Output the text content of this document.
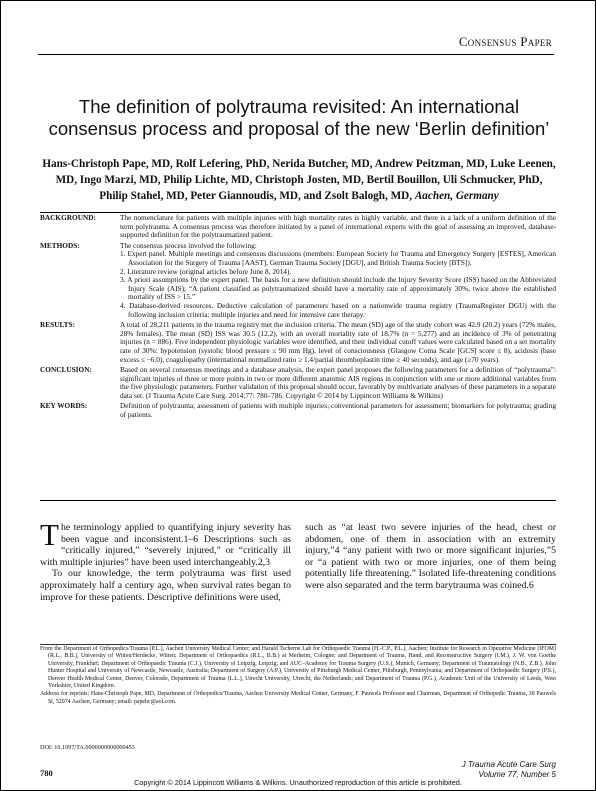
Consensus Paper
The definition of polytrauma revisited: An international consensus process and proposal of the new ‘Berlin definition’
Hans-Christoph Pape, MD, Rolf Lefering, PhD, Nerida Butcher, MD, Andrew Peitzman, MD, Luke Leenen, MD, Ingo Marzi, MD, Philip Lichte, MD, Christoph Josten, MD, Bertil Bouillon, Uli Schmucker, PhD, Philip Stahel, MD, Peter Giannoudis, MD, and Zsolt Balogh, MD, Aachen, Germany
BACKGROUND:	The nomenclature for patients with multiple injuries with high mortality rates is highly variable, and there is a lack of a uniform definition of the term polytrauma. A consensus process was therefore initiated by a panel of international experts with the goal of assessing an improved, database-supported definition for the polytraumatized patient.
METHODS:	The consensus process involved the following:

1. Expert panel. Multiple meetings and consensus discussions (members: European Society for Trauma and Emergency Surgery [ESTES], American Association for the Surgery of Trauma [AAST], German Trauma Society [DGU], and British Trauma Society [BTS]).
2. Literature review (original articles before June 8, 2014).
3. A priori assumptions by the expert panel. The basis for a new definition should include the Injury Severity Score (ISS) based on the Abbreviated Injury Scale (AIS); “A patient classified as polytraumatized should have a mortality rate of approximately 30%, twice above the established mortality of ISS > 15.”
4. Database-derived resources. Deductive calculation of parameters based on a nationwide trauma registry (TraumaRegister DGU) with the following inclusion criteria: multiple injuries and need for intensive care therapy.
RESULTS:	A total of 28,211 patients in the trauma registry met the inclusion criteria. The mean (SD) age of the study cohort was 42.9 (20.2) years (72% males, 28% females). The mean (SD) ISS was 30.5 (12.2), with an overall mortality rate of 18.7% (n = 5,277) and an incidence of 3% of penetrating injuries (n = 886). Five independent physiologic variables were identified, and their individual cutoff values were calculated based on a set mortality rate of 30%: hypotension (systolic blood pressure ≤ 90 mm Hg), level of consciousness (Glasgow Coma Scale [GCS] score ≤ 8), acidosis (base excess ≤ −6.0), coagulopathy (international normalized ratio ≥ 1.4/partial thromboplastin time ≥ 40 seconds), and age (≥70 years).
CONCLUSION:	Based on several consensus meetings and a database analysis, the expert panel proposes the following parameters for a definition of “polytrauma”: significant injuries of three or more points in two or more different anatomic AIS regions in conjunction with one or more additional variables from the five physiologic parameters. Further validation of this proposal should occur, favorably by multivariate analyses of these parameters in a separate data set. (J Trauma Acute Care Surg. 2014;77: 780–786. Copyright © 2014 by Lippincott Williams & Wilkins)
KEY WORDS:	Definition of polytrauma; assessment of patients with multiple injuries; conventional parameters for assessment; biomarkers for polytrauma; grading of patients.

The terminology applied to quantifying injury severity has been vague and inconsistent.1–6 Descriptions such as “critically injured,” “severely injured,” or “critically ill with multiple injuries” have been used interchangeably.2,3

To our knowledge, the term polytrauma was first used approximately half a century ago, when survival rates began to improve for these patients. Descriptive definitions were used,

such as “at least two severe injuries of the head, chest or abdomen, one of them in association with an extremity injury,”4 “any patient with two or more significant injuries,”5 or “a patient with two or more injuries, one of them being potentially life threatening.” Isolated life-threatening conditions were also separated and the term barytrauma was coined.6

From the Department of Orthopedics/Trauma (P.L.), Aachen University Medical Center; and Harald Tscherne Lab for Orthopaedic Trauma (H.-C.P., P.L.), Aachen; Institute for Research in Operative Medicine (IFOM) (R.L., B.B.), University of Witten/Herdecke, Witten; Department of Orthopaedics (R.L., B.B.) at Merheim, Cologne; and Department of Trauma, Hand, and Reconstructive Surgery (I.M.), J. W. von Goethe University, Frankfurt; Department of Orthopaedic Trauma (C.J.), University of Leipzig, Leipzig; and AUC–Academy for Trauma Surgery (U.S.), Munich, Germany; Department of Traumatology (N.B., Z.B.), John Hunter Hospital and University of Newcastle, Newcastle, Australia; Department of Surgery (A.P.), University of Pittsburgh Medical Center, Pittsburgh, Pennsylvania; and Department of Orthopaedic Surgery (P.S.), Denver Health Medical Center, Denver, Colorado, Department of Trauma (L.L.), Utrecht University, Utrecht, the Netherlands; and Department of Trauma (P.G.), Academic Unit of the University of Leeds, West Yorkshire, United Kingdom.

Address for reprints: Hans-Christoph Pape, MD, Department of Orthopedics/Trauma, Aachen University Medical Center, Germany, F. Pauwels Professor and Chairman, Department of Orthopedic Trauma, 30 Pauwels St, 52074 Aachen, Germany; email: papehc@aol.com.

DOI: 10.1097/TA.0000000000000453
780
J Trauma Acute Care Surg
Volume 77, Number 5
Copyright © 2014 Lippincott Williams & Wilkins. Unauthorized reproduction of this article is prohibited.
